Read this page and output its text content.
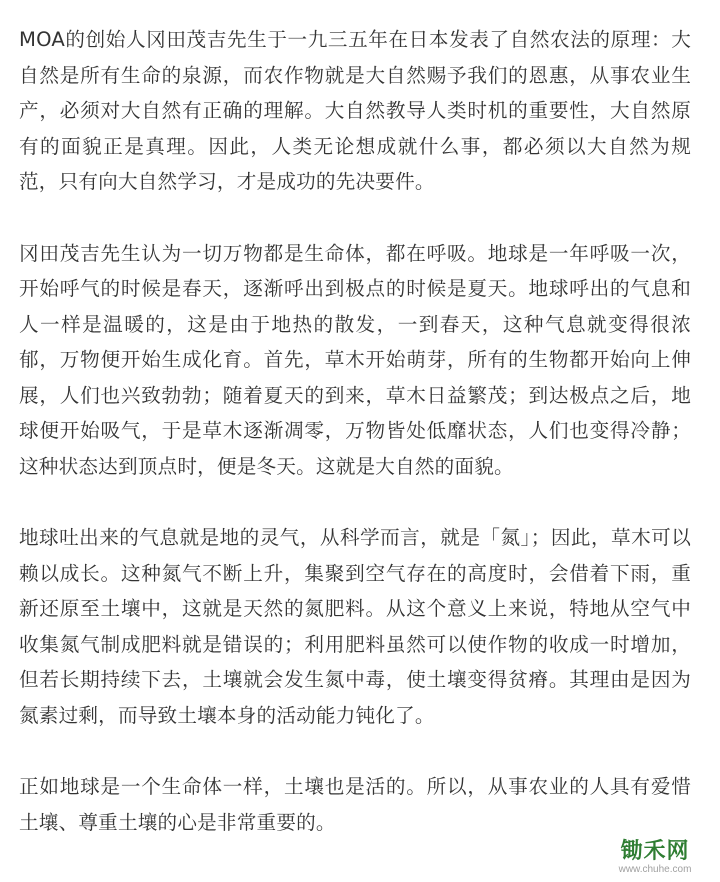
MOA的创始人冈田茂吉先生于一九三五年在日本发表了自然农法的原理：大自然是所有生命的泉源，而农作物就是大自然赐予我们的恩惠，从事农业生产，必须对大自然有正确的理解。大自然教导人类时机的重要性，大自然原有的面貌正是真理。因此，人类无论想成就什么事，都必须以大自然为规范，只有向大自然学习，才是成功的先决要件。

冈田茂吉先生认为一切万物都是生命体，都在呼吸。地球是一年呼吸一次，开始呼气的时候是春天，逐渐呼出到极点的时候是夏天。地球呼出的气息和人一样是温暖的，这是由于地热的散发，一到春天，这种气息就变得很浓郁，万物便开始生成化育。首先，草木开始萌芽，所有的生物都开始向上伸展，人们也兴致勃勃；随着夏天的到来，草木日益繁茂；到达极点之后，地球便开始吸气，于是草木逐渐凋零，万物皆处低靡状态，人们也变得冷静；这种状态达到顶点时，便是冬天。这就是大自然的面貌。

地球吐出来的气息就是地的灵气，从科学而言，就是「氮」；因此，草木可以赖以成长。这种氮气不断上升，集聚到空气存在的高度时，会借着下雨，重新还原至土壤中，这就是天然的氮肥料。从这个意义上来说，特地从空气中收集氮气制成肥料就是错误的；利用肥料虽然可以使作物的收成一时增加，但若长期持续下去，土壤就会发生氮中毒，使土壤变得贫瘠。其理由是因为氮素过剩，而导致土壤本身的活动能力钝化了。

正如地球是一个生命体一样，土壤也是活的。所以，从事农业的人具有爱惜土壤、尊重土壤的心是非常重要的。

锄禾网
www.chuhe.com
